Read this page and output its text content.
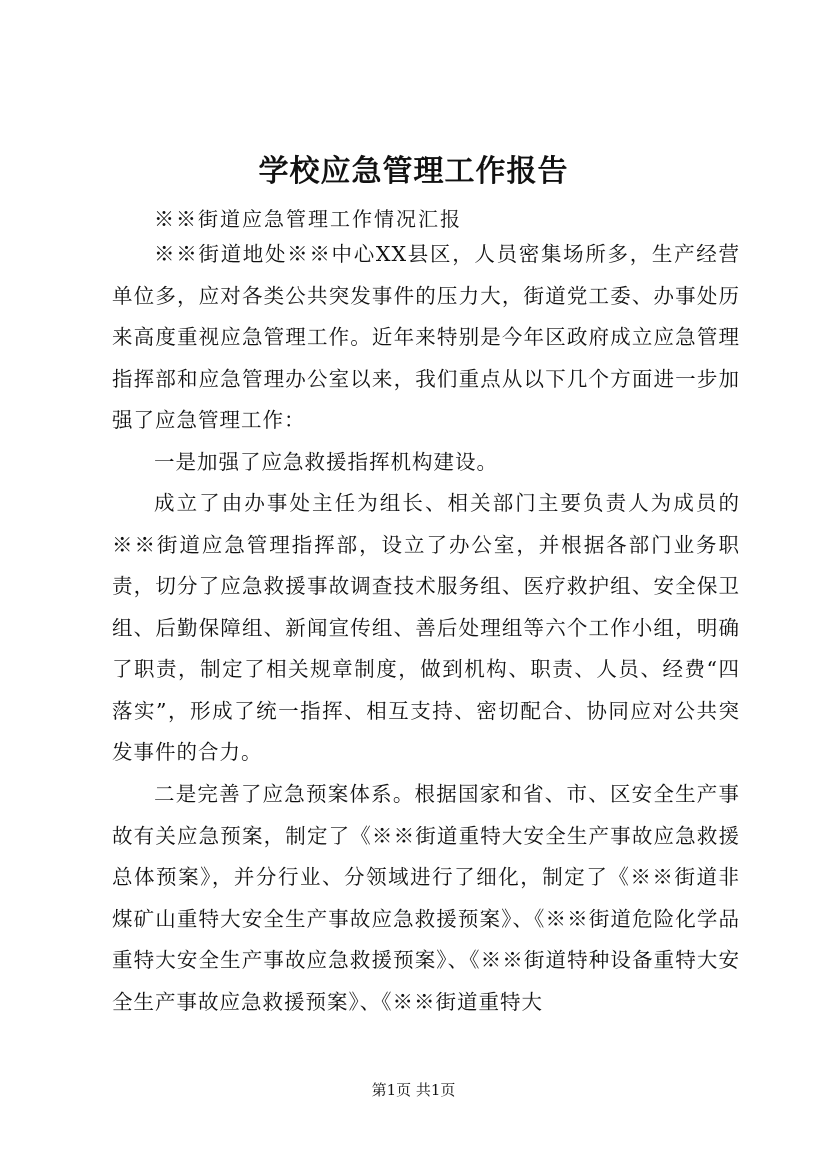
学校应急管理工作报告
※※街道应急管理工作情况汇报

※※街道地处※※中心XX县区，人员密集场所多，生产经营单位多，应对各类公共突发事件的压力大，街道党工委、办事处历来高度重视应急管理工作。近年来特别是今年区政府成立应急管理指挥部和应急管理办公室以来，我们重点从以下几个方面进一步加强了应急管理工作：

一是加强了应急救援指挥机构建设。

成立了由办事处主任为组长、相关部门主要负责人为成员的※※街道应急管理指挥部，设立了办公室，并根据各部门业务职责，切分了应急救援事故调查技术服务组、医疗救护组、安全保卫组、后勤保障组、新闻宣传组、善后处理组等六个工作小组，明确了职责，制定了相关规章制度，做到机构、职责、人员、经费“四落实”，形成了统一指挥、相互支持、密切配合、协同应对公共突发事件的合力。

二是完善了应急预案体系。根据国家和省、市、区安全生产事故有关应急预案，制定了《※※街道重特大安全生产事故应急救援总体预案》，并分行业、分领域进行了细化，制定了《※※街道非煤矿山重特大安全生产事故应急救援预案》、《※※街道危险化学品重特大安全生产事故应急救援预案》、《※※街道特种设备重特大安全生产事故应急救援预案》、《※※街道重特大

第1页 共1页
